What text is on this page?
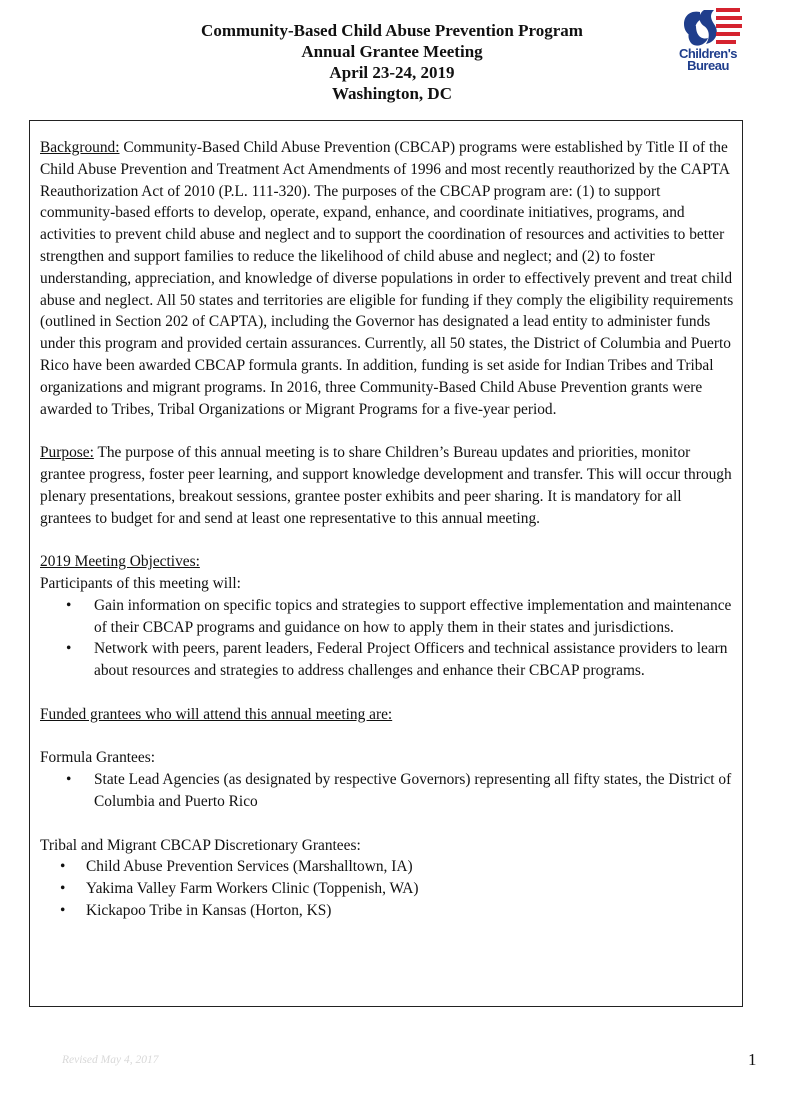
Community-Based Child Abuse Prevention Program
Annual Grantee Meeting
April 23-24, 2019
Washington, DC
Children's
Bureau

Background: Community-Based Child Abuse Prevention (CBCAP) programs were established by Title II of the Child Abuse Prevention and Treatment Act Amendments of 1996 and most recently reauthorized by the CAPTA Reauthorization Act of 2010 (P.L. 111-320). The purposes of the CBCAP program are: (1) to support community-based efforts to develop, operate, expand, enhance, and coordinate initiatives, programs, and activities to prevent child abuse and neglect and to support the coordination of resources and activities to better strengthen and support families to reduce the likelihood of child abuse and neglect; and (2) to foster understanding, appreciation, and knowledge of diverse populations in order to effectively prevent and treat child abuse and neglect. All 50 states and territories are eligible for funding if they comply the eligibility requirements (outlined in Section 202 of CAPTA), including the Governor has designated a lead entity to administer funds under this program and provided certain assurances. Currently, all 50 states, the District of Columbia and Puerto Rico have been awarded CBCAP formula grants. In addition, funding is set aside for Indian Tribes and Tribal organizations and migrant programs. In 2016, three Community-Based Child Abuse Prevention grants were awarded to Tribes, Tribal Organizations or Migrant Programs for a five-year period.

Purpose: The purpose of this annual meeting is to share Children’s Bureau updates and priorities, monitor grantee progress, foster peer learning, and support knowledge development and transfer. This will occur through plenary presentations, breakout sessions, grantee poster exhibits and peer sharing. It is mandatory for all grantees to budget for and send at least one representative to this annual meeting.

2019 Meeting Objectives:

Participants of this meeting will:

• Gain information on specific topics and strategies to support effective implementation and maintenance of their CBCAP programs and guidance on how to apply them in their states and jurisdictions.
• Network with peers, parent leaders, Federal Project Officers and technical assistance providers to learn about resources and strategies to address challenges and enhance their CBCAP programs.

Funded grantees who will attend this annual meeting are:

Formula Grantees:

• State Lead Agencies (as designated by respective Governors) representing all fifty states, the District of Columbia and Puerto Rico

Tribal and Migrant CBCAP Discretionary Grantees:

• Child Abuse Prevention Services (Marshalltown, IA)
• Yakima Valley Farm Workers Clinic (Toppenish, WA)
• Kickapoo Tribe in Kansas (Horton, KS)
Revised May 4, 2017	1
